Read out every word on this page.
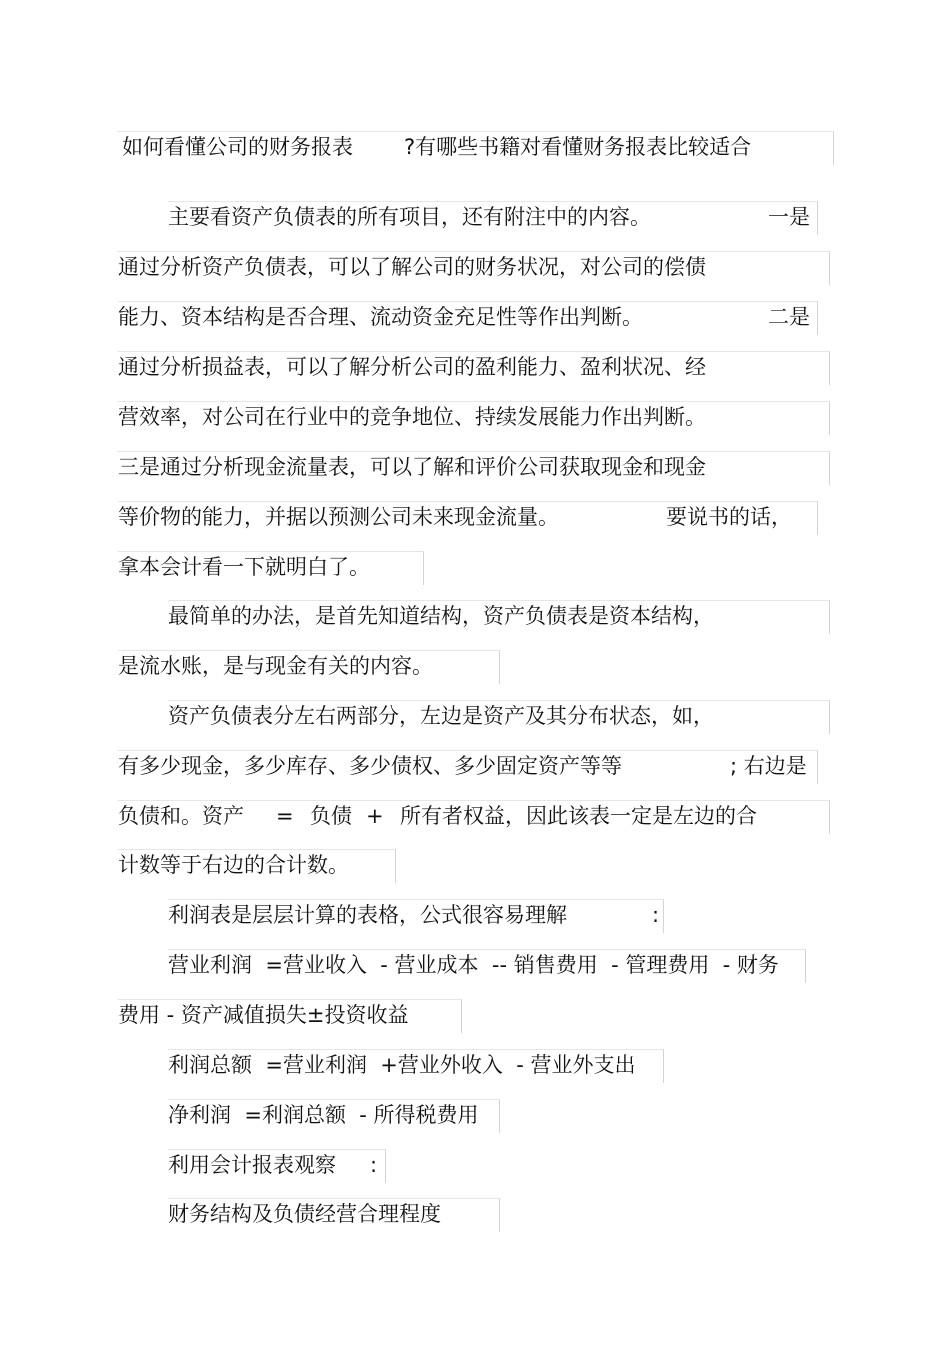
如何看懂公司的财务报表 ?有哪些书籍对看懂财务报表比较适合
主要看资产负债表的所有项目，还有附注中的内容。	一是
通过分析资产负债表，可以了解公司的财务状况，对公司的偿债
能力、资本结构是否合理、流动资金充足性等作出判断。	二是
通过分析损益表，可以了解分析公司的盈利能力、盈利状况、经
营效率，对公司在行业中的竞争地位、持续发展能力作出判断。
三是通过分析现金流量表，可以了解和评价公司获取现金和现金
等价物的能力，并据以预测公司未来现金流量。	要说书的话，
拿本会计看一下就明白了。
最简单的办法，是首先知道结构，资产负债表是资本结构，
是流水账，是与现金有关的内容。
资产负债表分左右两部分，左边是资产及其分布状态，如，
有多少现金，多少库存、多少债权、多少固定资产等等	; 右边是
负债和。资产 = 负债 + 所有者权益，因此该表一定是左边的合
计数等于右边的合计数。
利润表是层层计算的表格，公式很容易理解	:
营业利润  =营业收入  - 营业成本  -- 销售费用  - 管理费用  - 财务
费用 - 资产减值损失±投资收益
利润总额  =营业利润  +营业外收入  - 营业外支出
净利润  =利润总额  - 所得税费用
利用会计报表观察 :
财务结构及负债经营合理程度
